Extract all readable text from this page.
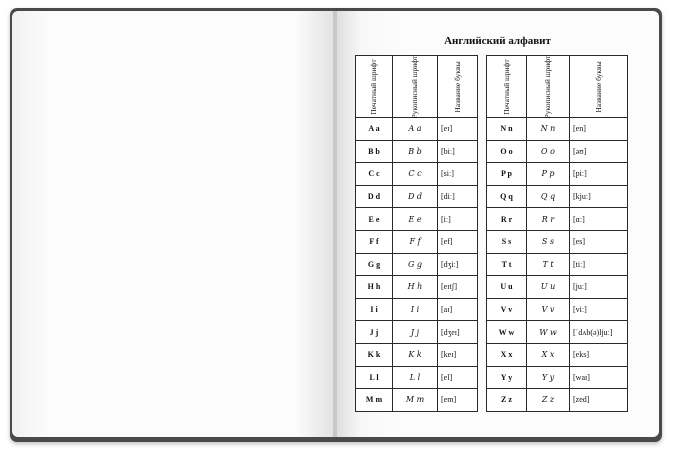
Английский алфавит
Печатный шрифт	Рукописный шрифт	Название буквы

A a	A a	[eɪ]
B b	B b	[biː]
C c	C c	[siː]
D d	D d	[diː]
E e	E e	[iː]
F f	F f	[ef]
G g	G g	[dʒiː]
H h	H h	[eɪtʃ]
I i	I i	[aɪ]
J j	J j	[dʒeɪ]
K k	K k	[keɪ]
L l	L l	[el]
M m	M m	[em]
Печатный шрифт	Рукописный шрифт	Название буквы

N n	N n	[en]
O o	O o	[əʊ]
P p	P p	[piː]
Q q	Q q	[kjuː]
R r	R r	[ɑː]
S s	S s	[es]
T t	T t	[tiː]
U u	U u	[juː]
V v	V v	[viː]
W w	W w	[ˈdʌb(ə)ljuː]
X x	X x	[eks]
Y y	Y y	[waɪ]
Z z	Z z	[zed]
